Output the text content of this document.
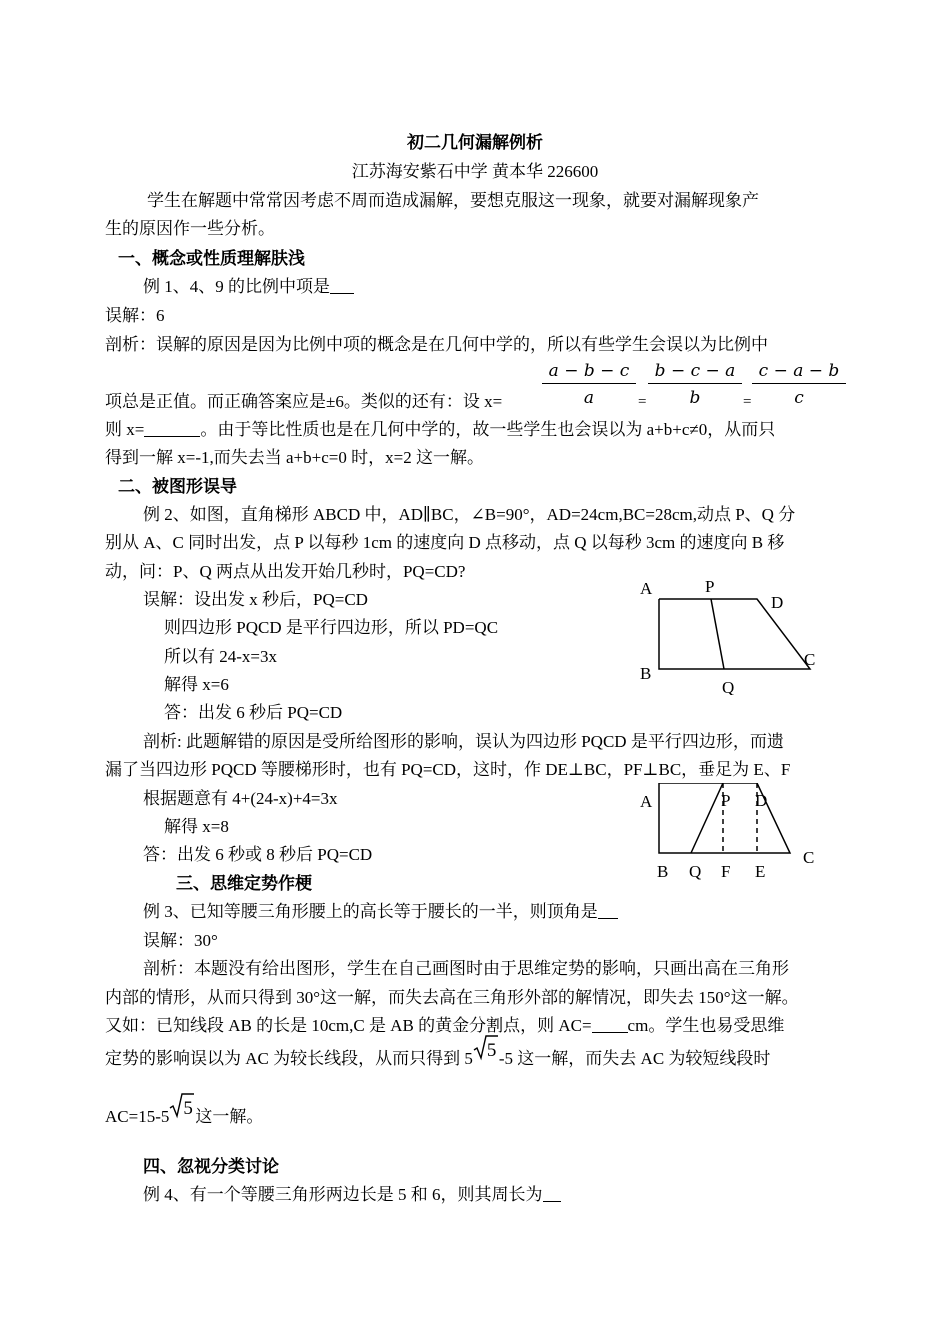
初二几何漏解例析
江苏海安紫石中学 黄本华 226600
学生在解题中常常因考虑不周而造成漏解，要想克服这一现象，就要对漏解现象产
生的原因作一些分析。
一、概念或性质理解肤浅
例 1、4、9 的比例中项是
误解：6
剖析：误解的原因是因为比例中项的概念是在几何中学的，所以有些学生会误以为比例中
$\frac{a - b - c}{a} = \frac{b - c - a}{b} = \frac{c - a - b}{c}$
项总是正值。而正确答案应是±6。类似的还有：设 x=
则 x=	。由于等比性质也是在几何中学的，故一些学生也会误以为 a+b+c≠0，从而只
得到一解 x=-1,而失去当 a+b+c=0 时，x=2 这一解。
二、被图形误导
例 2、如图，直角梯形 ABCD 中，AD∥BC，∠B=90°，AD=24cm,BC=28cm,动点 P、Q 分
别从 A、C 同时出发，点 P 以每秒 1cm 的速度向 D 点移动，点 Q 以每秒 3cm 的速度向 B 移
动，问：P、Q 两点从出发开始几秒时，PQ=CD?
误解：设出发 x 秒后，PQ=CD
则四边形 PQCD 是平行四边形，所以 PD=QC
所以有 24-x=3x
解得 x=6
答：出发 6 秒后 PQ=CD
剖析: 此题解错的原因是受所给图形的影响，误认为四边形 PQCD 是平行四边形，而遗
漏了当四边形 PQCD 等腰梯形时，也有 PQ=CD，这时，作 DE⊥BC，PF⊥BC，垂足为 E、F
根据题意有 4+(24-x)+4=3x
解得 x=8
答：出发 6 秒或 8 秒后 PQ=CD
A	P
D
B
Q
C
A	P D
B Q F E
C
三、思维定势作梗
例 3、已知等腰三角形腰上的高长等于腰长的一半，则顶角是
误解：30°
剖析：本题没有给出图形，学生在自己画图时由于思维定势的影响，只画出高在三角形
内部的情形，从而只得到 30°这一解，而失去高在三角形外部的解情况，即失去 150°这一解。
又如：已知线段 AB 的长是 10cm,C 是 AB 的黄金分割点，则 AC= cm。学生也易受思维
定势的影响误以为 AC 为较长线段，从而只得到 5 5 -5 这一解，而失去 AC 为较短线段时
AC=15-5 5 这一解。
四、忽视分类讨论
例 4、有一个等腰三角形两边长是 5 和 6，则其周长为
